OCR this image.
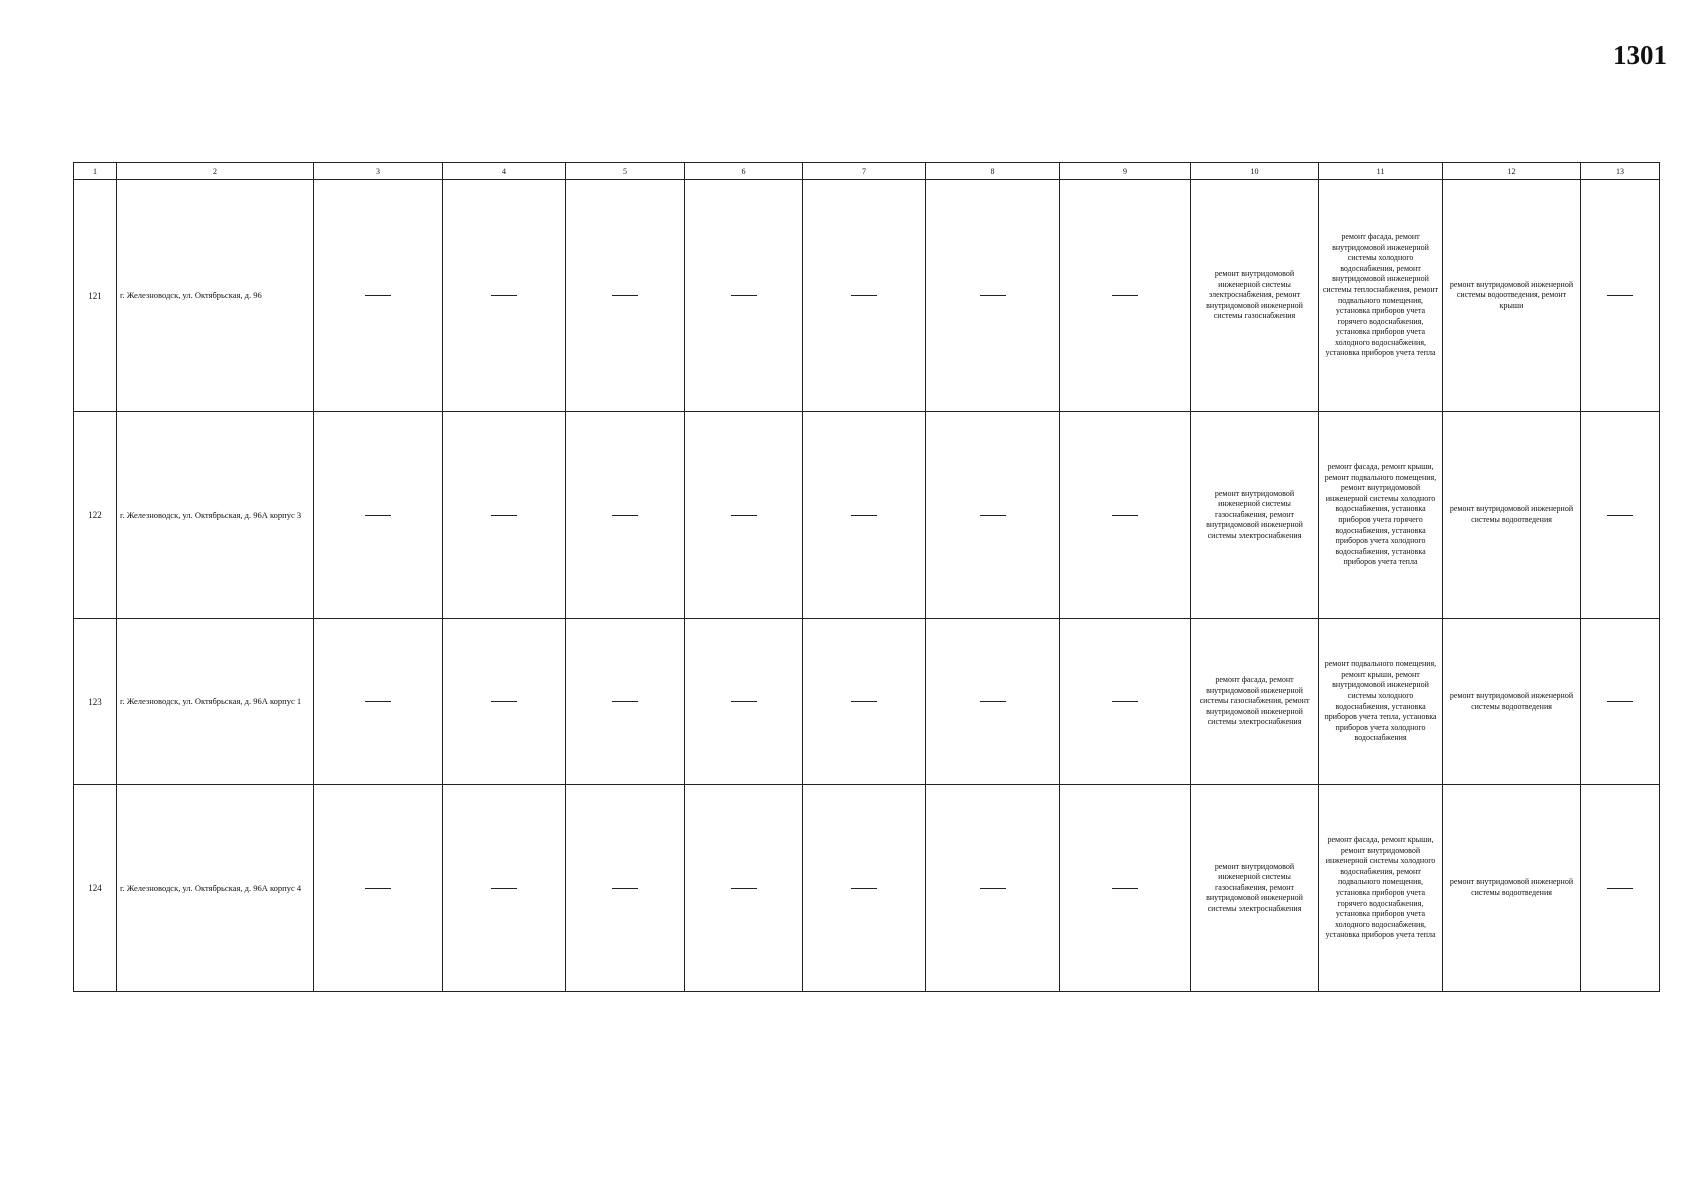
1301
1	2	3	4	5	6	7	8	9	10	11	12	13
121	г. Железноводск, ул. Октябрьская, д. 96								ремонт внутридомовой инженерной системы электроснабжения, ремонт внутридомовой инженерной системы газоснабжения	ремонт фасада, ремонт внутридомовой инженерной системы холодного водоснабжения, ремонт внутридомовой инженерной системы теплоснабжения, ремонт подвального помещения, установка приборов учета горячего водоснабжения, установка приборов учета холодного водоснабжения, установка приборов учета тепла	ремонт внутридомовой инженерной системы водоотведения, ремонт крыши	
122	г. Железноводск, ул. Октябрьская, д. 96А корпус 3								ремонт внутридомовой инженерной системы газоснабжения, ремонт внутридомовой инженерной системы электроснабжения	ремонт фасада, ремонт крыши, ремонт подвального помещения, ремонт внутридомовой инженерной системы холодного водоснабжения, установка приборов учета горячего водоснабжения, установка приборов учета холодного водоснабжения, установка приборов учета тепла	ремонт внутридомовой инженерной системы водоотведения	
123	г. Железноводск, ул. Октябрьская, д. 96А корпус 1								ремонт фасада, ремонт внутридомовой инженерной системы газоснабжения, ремонт внутридомовой инженерной системы электроснабжения	ремонт подвального помещения, ремонт крыши, ремонт внутридомовой инженерной системы холодного водоснабжения, установка приборов учета тепла, установка приборов учета холодного водоснабжения	ремонт внутридомовой инженерной системы водоотведения	
124	г. Железноводск, ул. Октябрьская, д. 96А корпус 4								ремонт внутридомовой инженерной системы газоснабжения, ремонт внутридомовой инженерной системы электроснабжения	ремонт фасада, ремонт крыши, ремонт внутридомовой инженерной системы холодного водоснабжения, ремонт подвального помещения, установка приборов учета горячего водоснабжения, установка приборов учета холодного водоснабжения, установка приборов учета тепла	ремонт внутридомовой инженерной системы водоотведения	
